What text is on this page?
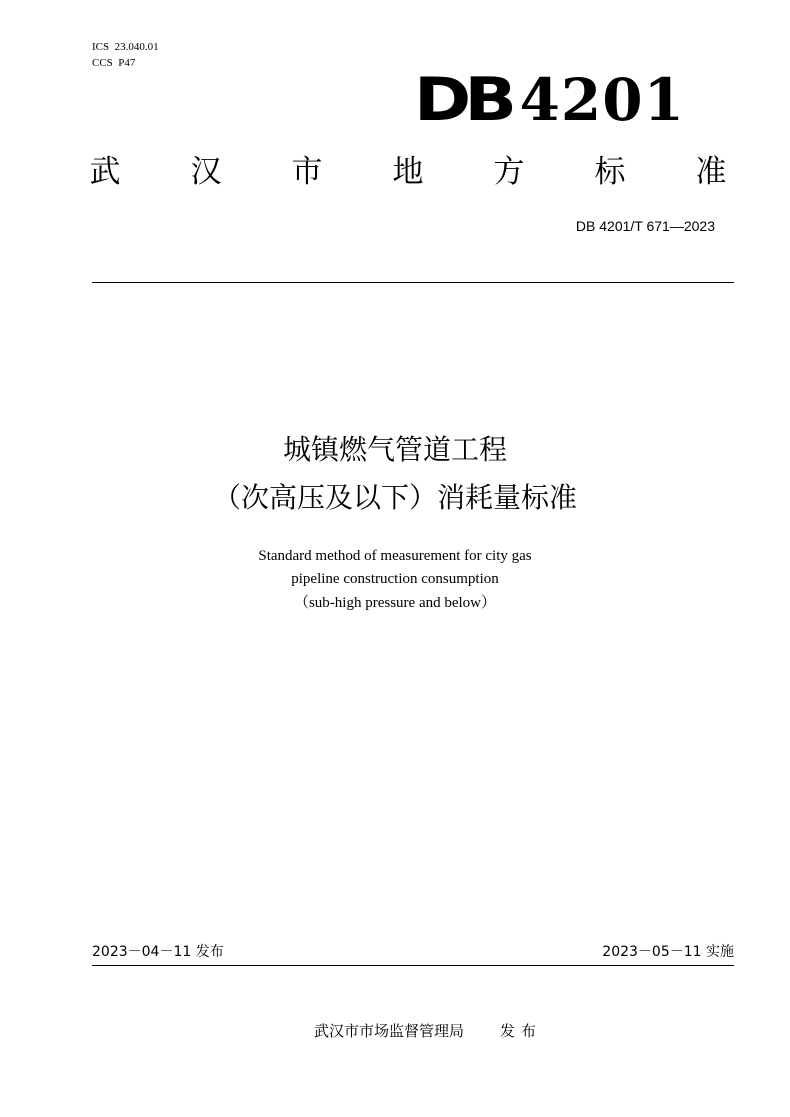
ICS  23.040.01
CCS  P47
DB 4201
武 汉 市 地 方 标 准
DB 4201/T 671—2023
城镇燃气管道工程
（次高压及以下）消耗量标准
Standard method of measurement for city gas
pipeline construction consumption
（sub-high pressure and below）
2023－04－11 发布	2023－05－11 实施
武汉市市场监督管理局 发布
